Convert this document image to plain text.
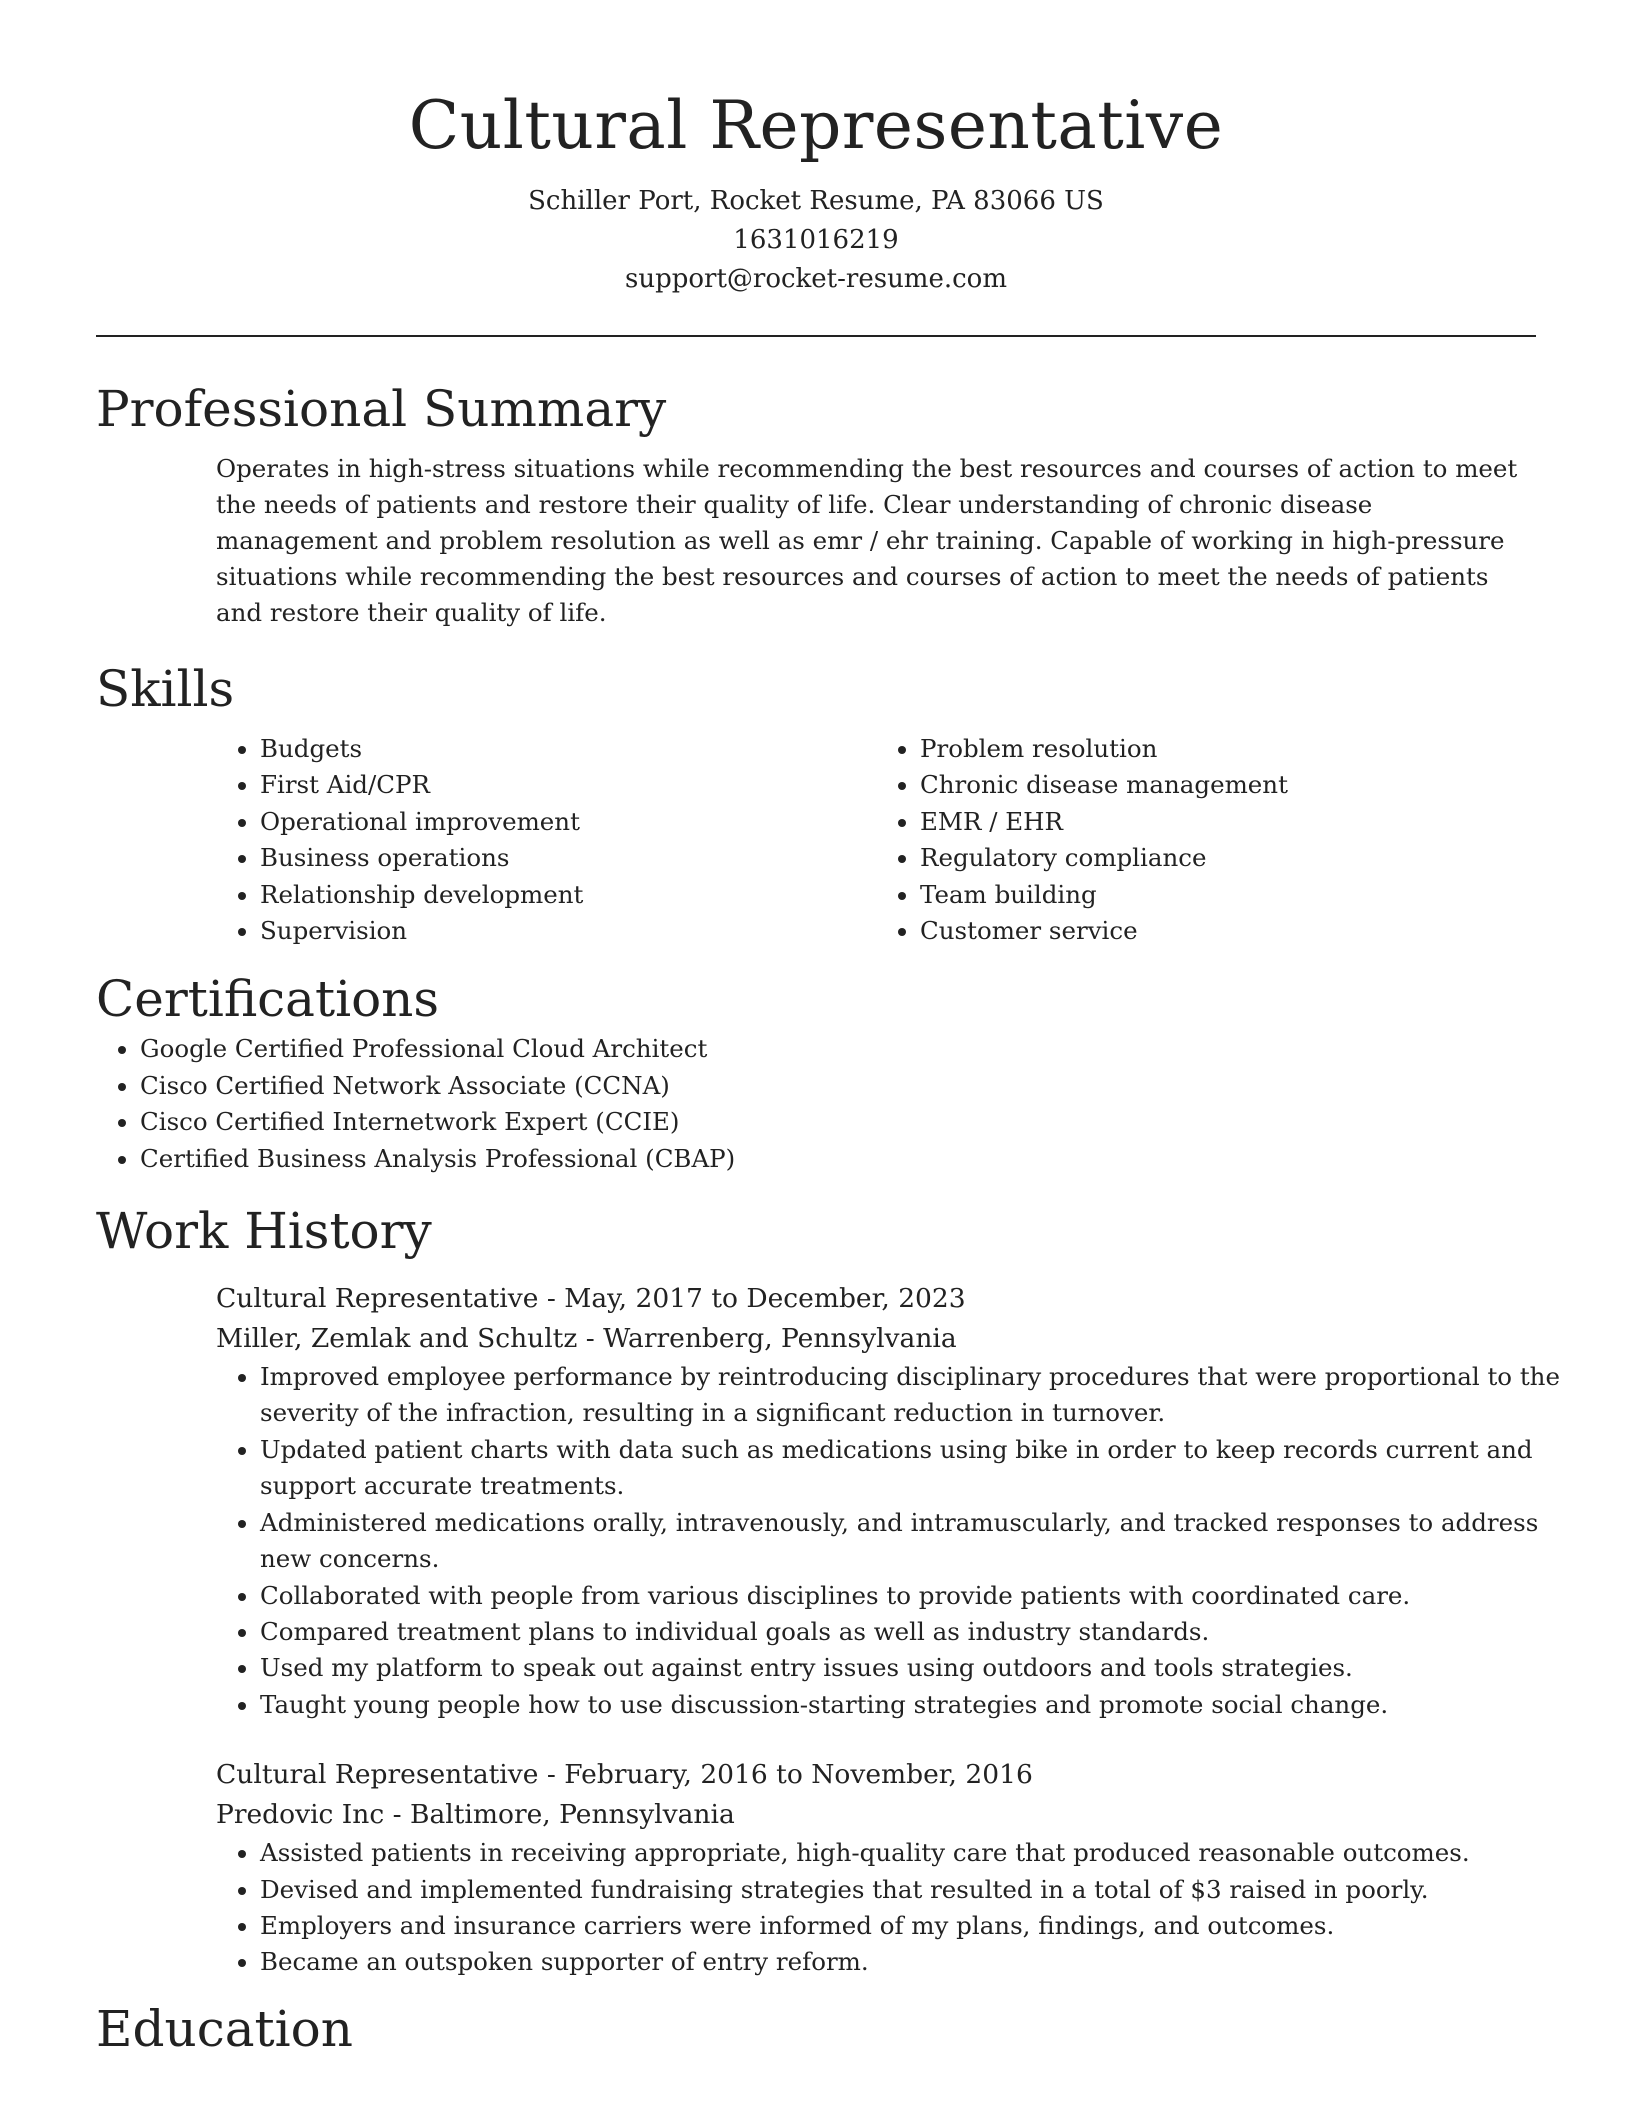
Cultural Representative
Schiller Port, Rocket Resume, PA 83066 US
1631016219
support@rocket-resume.com
Professional Summary
Operates in high-stress situations while recommending the best resources and courses of action to meet the needs of patients and restore their quality of life. Clear understanding of chronic disease management and problem resolution as well as emr / ehr training. Capable of working in high-pressure situations while recommending the best resources and courses of action to meet the needs of patients and restore their quality of life.
Skills
• Budgets
• First Aid/CPR
• Operational improvement
• Business operations
• Relationship development
• Supervision
• Problem resolution
• Chronic disease management
• EMR / EHR
• Regulatory compliance
• Team building
• Customer service
Certifications
• Google Certified Professional Cloud Architect
• Cisco Certified Network Associate (CCNA)
• Cisco Certified Internetwork Expert (CCIE)
• Certified Business Analysis Professional (CBAP)
Work History
Cultural Representative - May, 2017 to December, 2023
Miller, Zemlak and Schultz - Warrenberg, Pennsylvania
• Improved employee performance by reintroducing disciplinary procedures that were proportional to the severity of the infraction, resulting in a significant reduction in turnover.
• Updated patient charts with data such as medications using bike in order to keep records current and support accurate treatments.
• Administered medications orally, intravenously, and intramuscularly, and tracked responses to address new concerns.
• Collaborated with people from various disciplines to provide patients with coordinated care.
• Compared treatment plans to individual goals as well as industry standards.
• Used my platform to speak out against entry issues using outdoors and tools strategies.
• Taught young people how to use discussion-starting strategies and promote social change.
Cultural Representative - February, 2016 to November, 2016
Predovic Inc - Baltimore, Pennsylvania
• Assisted patients in receiving appropriate, high-quality care that produced reasonable outcomes.
• Devised and implemented fundraising strategies that resulted in a total of $3 raised in poorly.
• Employers and insurance carriers were informed of my plans, findings, and outcomes.
• Became an outspoken supporter of entry reform.
Education
